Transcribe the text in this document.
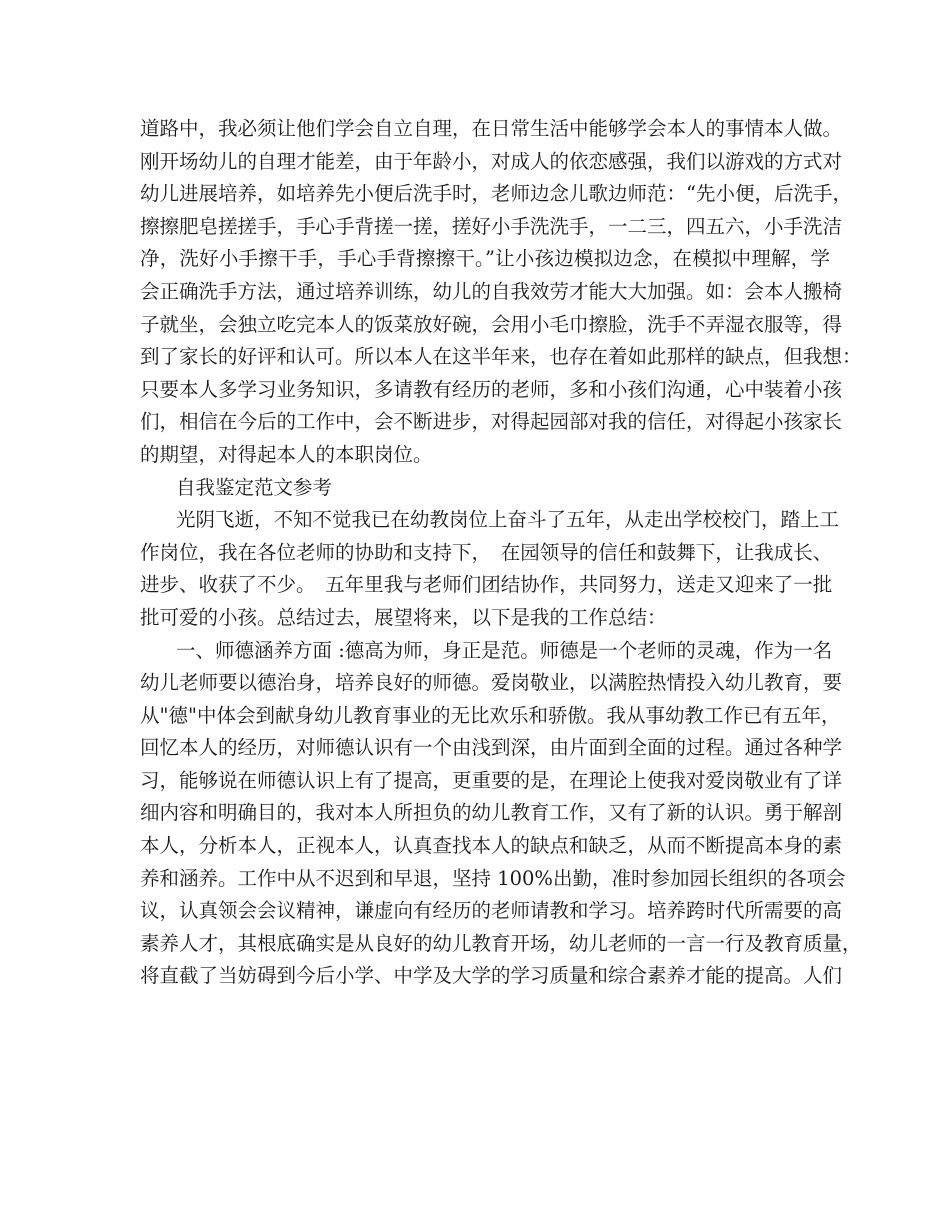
道路中，我必须让他们学会自立自理，在日常生活中能够学会本人的事情本人做。
刚开场幼儿的自理才能差，由于年龄小，对成人的依恋感强，我们以游戏的方式对
幼儿进展培养，如培养先小便后洗手时，老师边念儿歌边师范：“先小便，后洗手，
擦擦肥皂搓搓手，手心手背搓一搓，搓好小手洗洗手，一二三，四五六，小手洗洁
净，洗好小手擦干手，手心手背擦擦干。”让小孩边模拟边念，在模拟中理解，学
会正确洗手方法，通过培养训练，幼儿的自我效劳才能大大加强。如：会本人搬椅
子就坐，会独立吃完本人的饭菜放好碗，会用小毛巾擦脸，洗手不弄湿衣服等，得
到了家长的好评和认可。所以本人在这半年来，也存在着如此那样的缺点，但我想：
只要本人多学习业务知识，多请教有经历的老师，多和小孩们沟通，心中装着小孩
们，相信在今后的工作中，会不断进步，对得起园部对我的信任，对得起小孩家长
的期望，对得起本人的本职岗位。
自我鉴定范文参考
光阴飞逝，不知不觉我已在幼教岗位上奋斗了五年，从走出学校校门，踏上工
作岗位，我在各位老师的协助和支持下，　在园领导的信任和鼓舞下，让我成长、
进步、收获了不少。　五年里我与老师们团结协作，共同努力，送走又迎来了一批
批可爱的小孩。总结过去，展望将来，以下是我的工作总结：
一、师德涵养方面 :德高为师，身正是范。师德是一个老师的灵魂，作为一名
幼儿老师要以德治身，培养良好的师德。爱岗敬业，以满腔热情投入幼儿教育，要
从"德"中体会到献身幼儿教育事业的无比欢乐和骄傲。我从事幼教工作已有五年，
回忆本人的经历，对师德认识有一个由浅到深，由片面到全面的过程。通过各种学
习，能够说在师德认识上有了提高，更重要的是，在理论上使我对爱岗敬业有了详
细内容和明确目的，我对本人所担负的幼儿教育工作，又有了新的认识。勇于解剖
本人，分析本人，正视本人，认真查找本人的缺点和缺乏，从而不断提高本身的素
养和涵养。工作中从不迟到和早退，坚持 100%出勤，准时参加园长组织的各项会
议，认真领会会议精神，谦虚向有经历的老师请教和学习。培养跨时代所需要的高
素养人才，其根底确实是从良好的幼儿教育开场，幼儿老师的一言一行及教育质量，
将直截了当妨碍到今后小学、中学及大学的学习质量和综合素养才能的提高。人们
